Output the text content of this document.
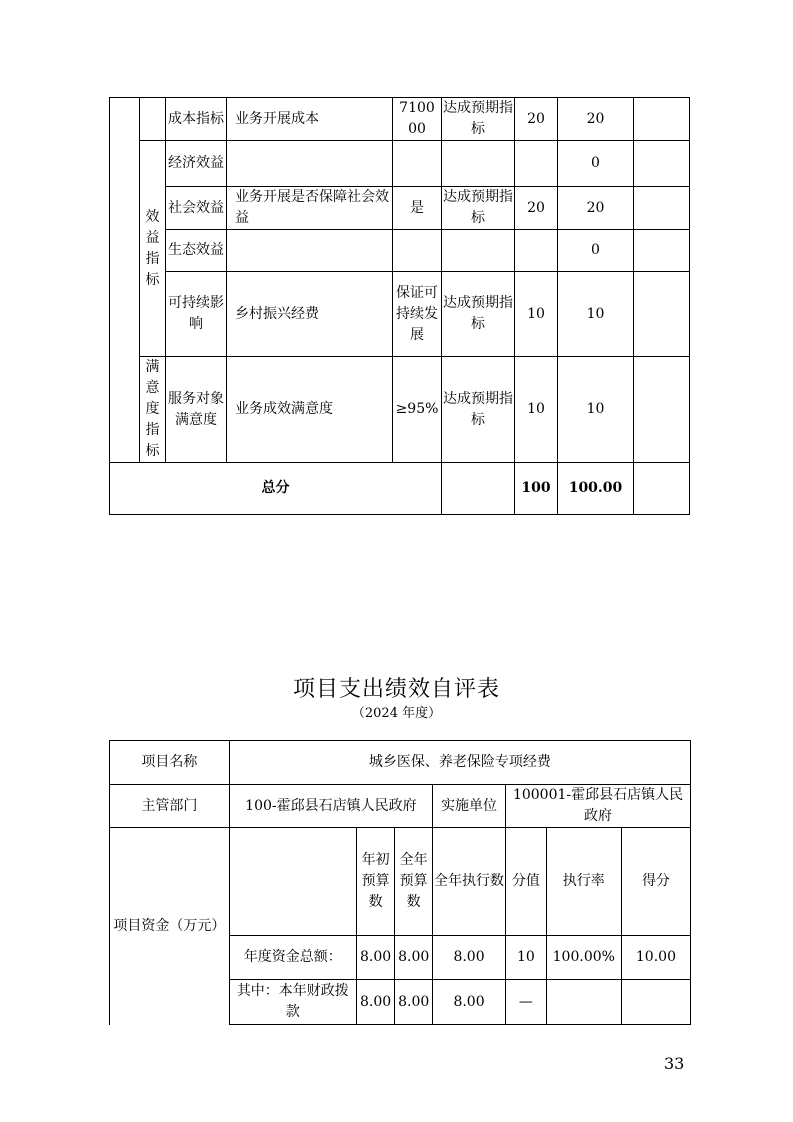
		成本指标	业务开展成本	7100 00	达成预期指标	20	20	
	效益指标	经济效益					0	
		社会效益	业务开展是否保障社会效益	是	达成预期指标	20	20	
		生态效益					0	
		可持续影响	乡村振兴经费	保证可持续发展	达成预期指标	10	10	
	满意度指标	服务对象满意度	业务成效满意度	≥95%	达成预期指标	10	10	
总分						100	100.00	
项目支出绩效自评表
（2024 年度）
项目名称	城乡医保、养老保险专项经费						
主管部门	100-霍邱县石店镇人民政府			实施单位	100001-霍邱县石店镇人民政府		
项目资金（万元）		年初预算数	全年预算数	全年执行数	分值	执行率	得分
	年度资金总额：	8.00	8.00	8.00	10	100.00%	10.00
	其中：本年财政拨款	8.00	8.00	8.00	—		
33
